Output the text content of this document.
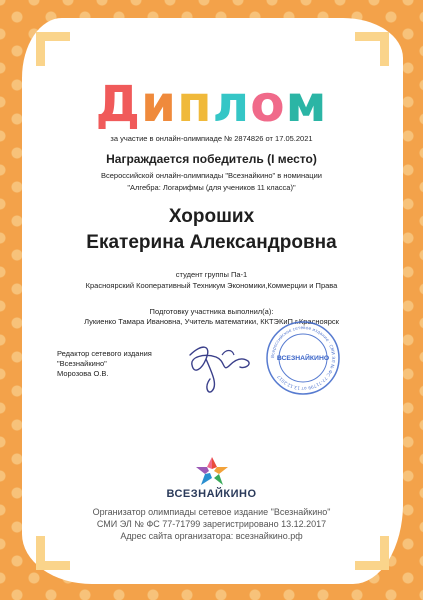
Диплом
за участие в онлайн-олимпиаде № 2874826 от 17.05.2021
Награждается победитель (I место)
Всероссийской онлайн-олимпиады "Всезнайкино" в номинации
"Алгебра: Логарифмы (для учеников 11 класса)"
Хороших
Екатерина Александровна
студент группы Па-1
Красноярский Кооперативный Техникум Экономики,Коммерции и Права
Подготовку участника выполнил(а):
Лукиенко Тамара Ивановна, Учитель математики, ККТЭКиП г.Красноярск
Редактор сетевого издания
"Всезнайкино"
Морозова О.В.
Всероссийское сетевое издание · СМИ ЭЛ № ФС 77-71799 от 13.12.2017
ВСЕЗНАЙКИНО
ВСЕЗНАЙКИНО
Организатор олимпиады сетевое издание "Всезнайкино"
СМИ ЭЛ № ФС 77-71799 зарегистрировано 13.12.2017
Адрес сайта организатора: всезнайкино.рф
